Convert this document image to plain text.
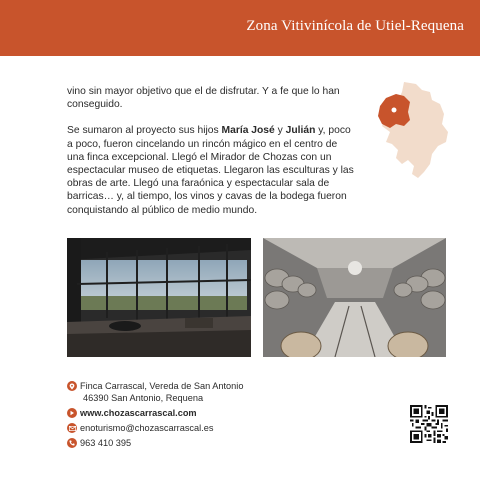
Zona Vitivinícola de Utiel-Requena

vino sin mayor objetivo que el de disfrutar. Y a fe que lo han conseguido.

Se sumaron al proyecto sus hijos María José y Julián y, poco a poco, fueron cincelando un rincón mágico en el centro de una finca excepcional. Llegó el Mirador de Chozas con un espectacular museo de etiquetas. Llegaron las esculturas y las obras de arte. Llegó una faraónica y espectacular sala de barricas… y, al tiempo, los vinos y cavas de la bodega fueron conquistando al público de medio mundo.

Finca Carrascal, Vereda de San Antonio
46390 San Antonio, Requena
www.chozascarrascal.com
enoturismo@chozascarrascal.es
963 410 395
